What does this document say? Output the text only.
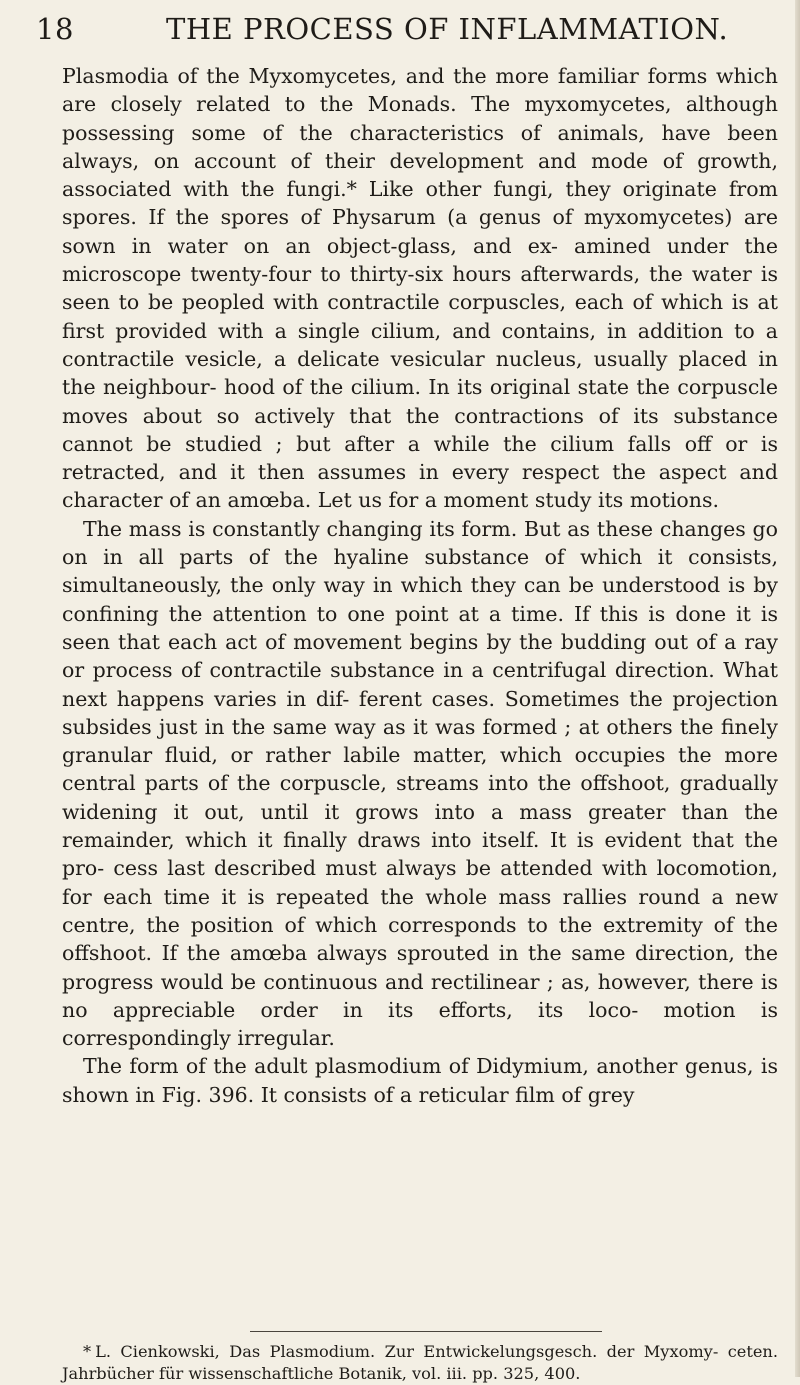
18	THE PROCESS OF INFLAMMATION.

Plasmodia of the Myxomycetes, and the more familiar forms which are closely related to the Monads. The myxomycetes, although possessing some of the characteristics of animals, have been always, on account of their development and mode of growth, associated with the fungi.* Like other fungi, they originate from spores. If the spores of Physarum (a genus of myxomycetes) are sown in water on an object-glass, and ex- amined under the microscope twenty-four to thirty-six hours afterwards, the water is seen to be peopled with contractile corpuscles, each of which is at first provided with a single cilium, and contains, in addition to a contractile vesicle, a delicate vesicular nucleus, usually placed in the neighbour- hood of the cilium. In its original state the corpuscle moves about so actively that the contractions of its substance cannot be studied ; but after a while the cilium falls off or is retracted, and it then assumes in every respect the aspect and character of an amœba. Let us for a moment study its motions.

The mass is constantly changing its form. But as these changes go on in all parts of the hyaline substance of which it consists, simultaneously, the only way in which they can be understood is by confining the attention to one point at a time. If this is done it is seen that each act of movement begins by the budding out of a ray or process of contractile substance in a centrifugal direction. What next happens varies in dif- ferent cases. Sometimes the projection subsides just in the same way as it was formed ; at others the finely granular fluid, or rather labile matter, which occupies the more central parts of the corpuscle, streams into the offshoot, gradually widening it out, until it grows into a mass greater than the remainder, which it finally draws into itself. It is evident that the pro- cess last described must always be attended with locomotion, for each time it is repeated the whole mass rallies round a new centre, the position of which corresponds to the extremity of the offshoot. If the amœba always sprouted in the same direction, the progress would be continuous and rectilinear ; as, however, there is no appreciable order in its efforts, its loco- motion is correspondingly irregular.

The form of the adult plasmodium of Didymium, another genus, is shown in Fig. 396. It consists of a reticular film of grey

* L. Cienkowski, Das Plasmodium. Zur Entwickelungsgesch. der Myxomy- ceten. Jahrbücher für wissenschaftliche Botanik, vol. iii. pp. 325, 400.
